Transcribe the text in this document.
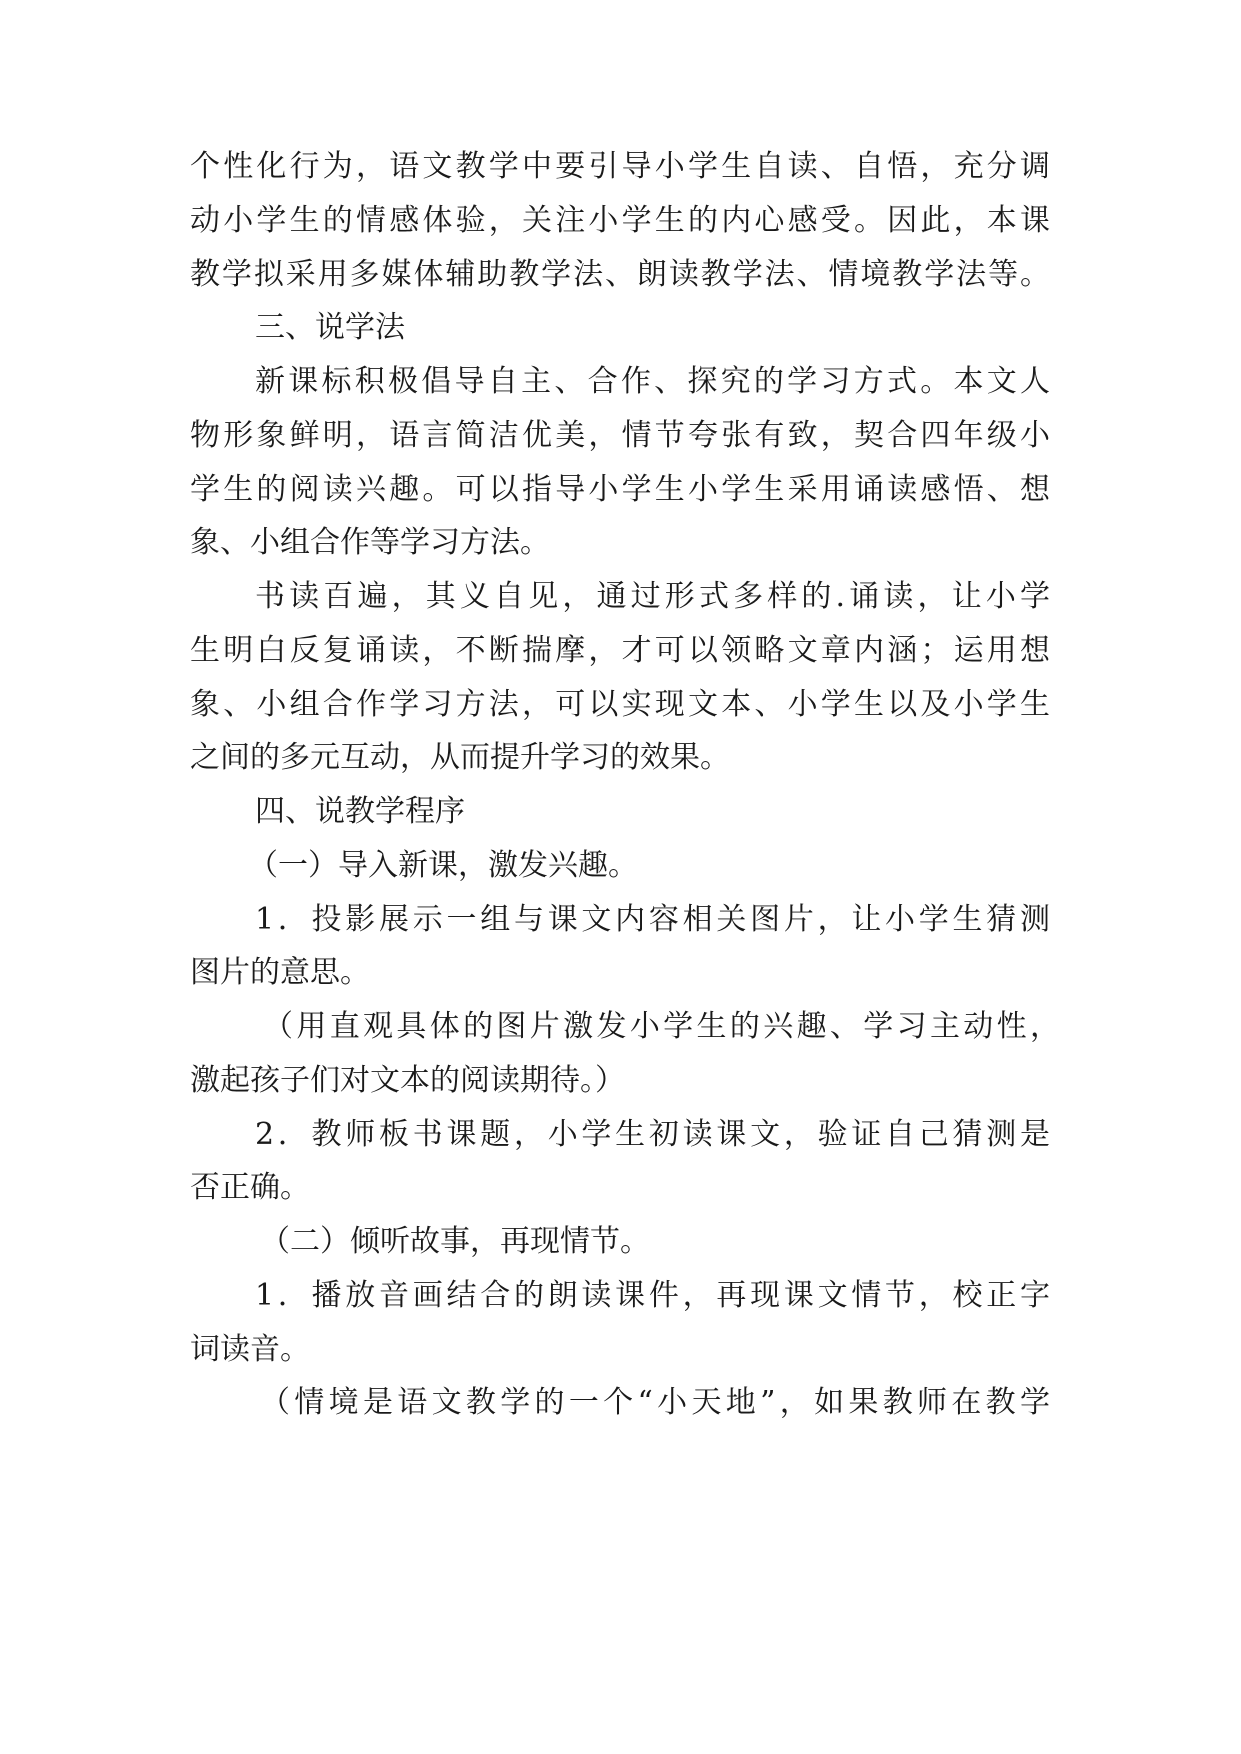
个性化行为，语文教学中要引导小学生自读、自悟，充分调
动小学生的情感体验，关注小学生的内心感受。因此，本课
教学拟采用多媒体辅助教学法、朗读教学法、情境教学法等。
三、说学法
新课标积极倡导自主、合作、探究的学习方式。本文人
物形象鲜明，语言简洁优美，情节夸张有致，契合四年级小
学生的阅读兴趣。可以指导小学生小学生采用诵读感悟、想
象、小组合作等学习方法。
书读百遍，其义自见，通过形式多样的.诵读，让小学
生明白反复诵读，不断揣摩，才可以领略文章内涵；运用想
象、小组合作学习方法，可以实现文本、小学生以及小学生
之间的多元互动，从而提升学习的效果。
四、说教学程序
（一）导入新课，激发兴趣。
1．投影展示一组与课文内容相关图片，让小学生猜测
图片的意思。
（用直观具体的图片激发小学生的兴趣、学习主动性，
激起孩子们对文本的阅读期待。）
2．教师板书课题，小学生初读课文，验证自己猜测是
否正确。
（二）倾听故事，再现情节。
1．播放音画结合的朗读课件，再现课文情节，校正字
词读音。
（情境是语文教学的一个“小天地”，如果教师在教学
